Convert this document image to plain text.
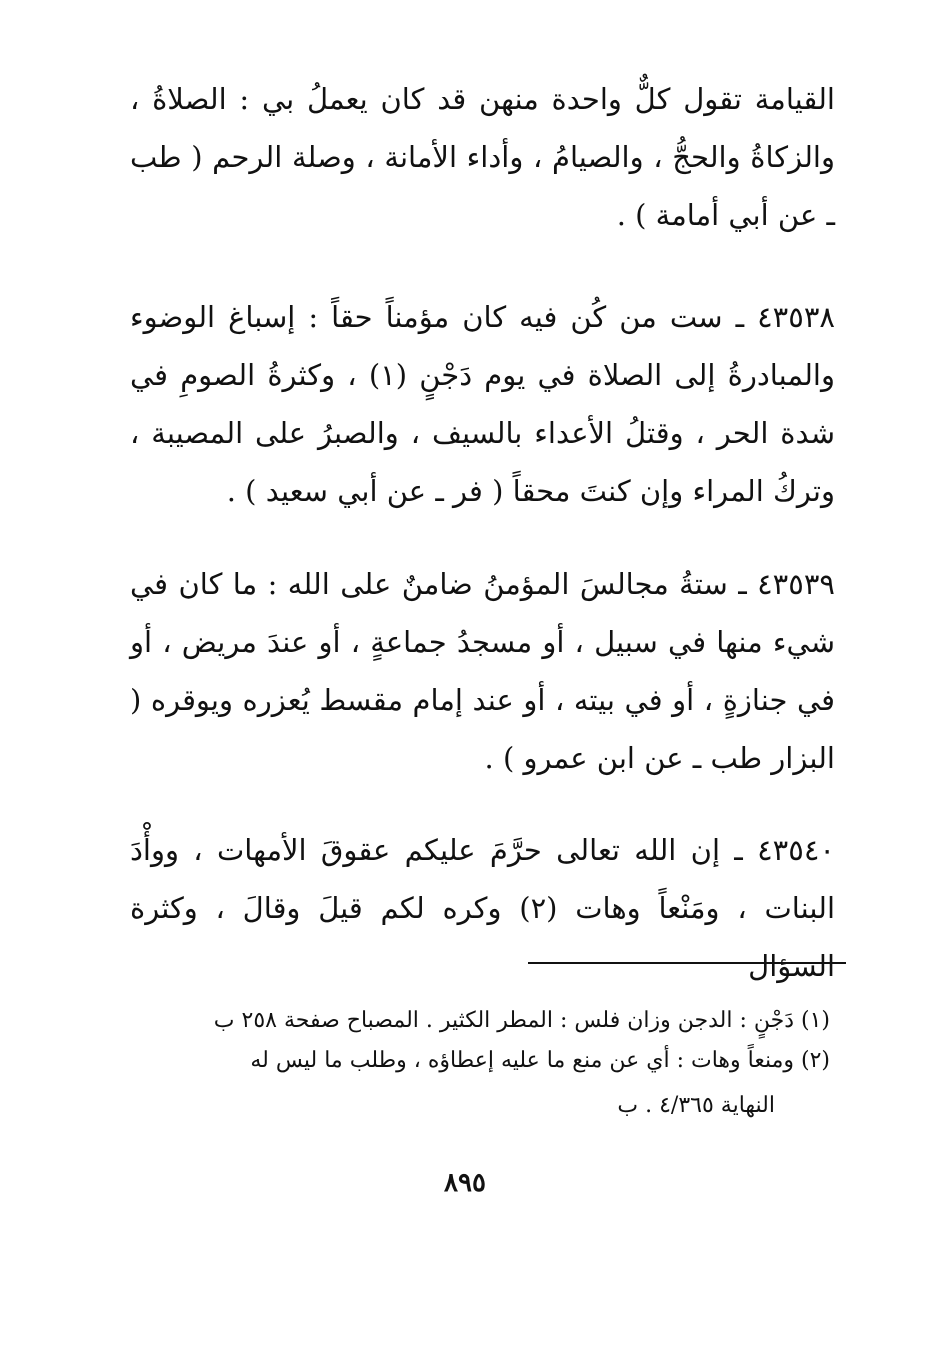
القيامة تقول كلٌّ واحدة منهن قد كان يعملُ بي : الصلاةُ ، والزكاةُ والحجُّ ، والصيامُ ، وأداء الأمانة ، وصلة الرحم ( طب ـ عن أبي أمامة ) .

٤٣٥٣٨ ـ ست من كُن فيه كان مؤمناً حقاً : إسباغ الوضوء والمبادرةُ إلى الصلاة في يوم دَجْنٍ (١) ، وكثرةُ الصومِ في شدة الحر ، وقتلُ الأعداء بالسيف ، والصبرُ على المصيبة ، وتركُ المراء وإن كنتَ محقاً ( فر ـ عن أبي سعيد ) .

٤٣٥٣٩ ـ ستةُ مجالسَ المؤمنُ ضامنٌ على الله : ما كان في شيء منها في سبيل ، أو مسجدُ جماعةٍ ، أو عندَ مريض ، أو في جنازةٍ ، أو في بيته ، أو عند إمام مقسط يُعزره ويوقره ( البزار طب ـ عن ابن عمرو ) .

٤٣٥٤٠ ـ إن الله تعالى حرَّمَ عليكم عقوقَ الأمهات ، ووأْدَ البنات ، ومَنْعاً وهات (٢) وكره لكم قيلَ وقالَ ، وكثرة السؤال

(١) دَجْنٍ : الدجن وزان فلس : المطر الكثير . المصباح صفحة ٢٥٨ ب

(٢) ومنعاً وهات : أي عن منع ما عليه إعطاؤه ، وطلب ما ليس له

النهاية ٤/٣٦٥ . ب

٨٩٥
